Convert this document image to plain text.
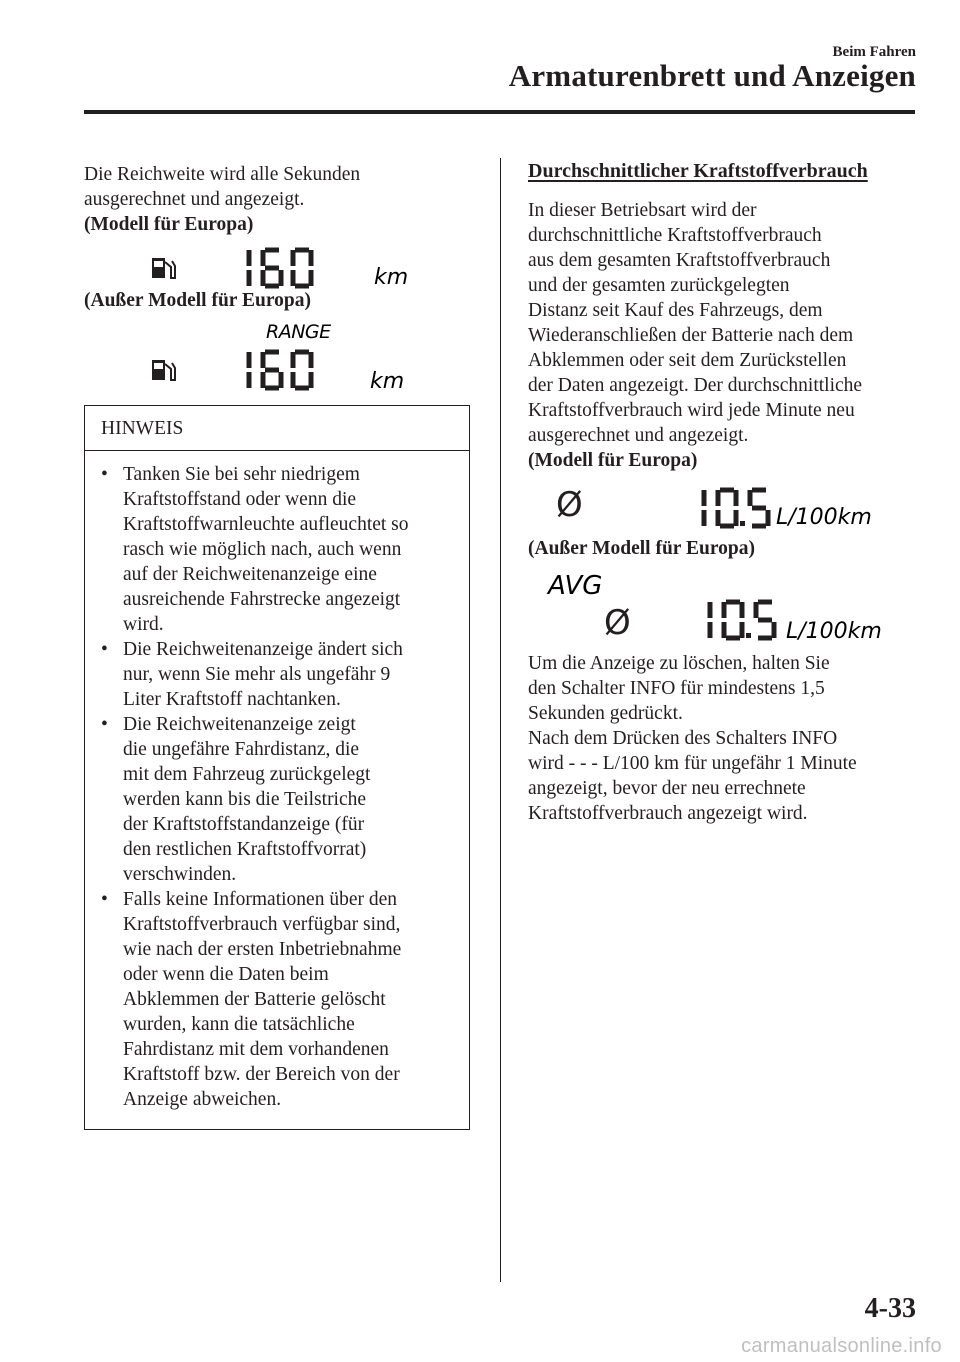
Beim Fahren
Armaturenbrett und Anzeigen
Die Reichweite wird alle Sekunden
ausgerechnet und angezeigt.
(Modell für Europa)
km
(Außer Modell für Europa)
RANGE
km
HINWEIS
• Tanken Sie bei sehr niedrigem
Kraftstoffstand oder wenn die
Kraftstoffwarnleuchte aufleuchtet so
rasch wie möglich nach, auch wenn
auf der Reichweitenanzeige eine
ausreichende Fahrstrecke angezeigt
wird.
• Die Reichweitenanzeige ändert sich
nur, wenn Sie mehr als ungefähr 9
Liter Kraftstoff nachtanken.
• Die Reichweitenanzeige zeigt
die ungefähre Fahrdistanz, die
mit dem Fahrzeug zurückgelegt
werden kann bis die Teilstriche
der Kraftstoffstandanzeige (für
den restlichen Kraftstoffvorrat)
verschwinden.
• Falls keine Informationen über den
Kraftstoffverbrauch verfügbar sind,
wie nach der ersten Inbetriebnahme
oder wenn die Daten beim
Abklemmen der Batterie gelöscht
wurden, kann die tatsächliche
Fahrdistanz mit dem vorhandenen
Kraftstoff bzw. der Bereich von der
Anzeige abweichen.
Durchschnittlicher Kraftstoffverbrauch
In dieser Betriebsart wird der
durchschnittliche Kraftstoffverbrauch
aus dem gesamten Kraftstoffverbrauch
und der gesamten zurückgelegten
Distanz seit Kauf des Fahrzeugs, dem
Wiederanschließen der Batterie nach dem
Abklemmen oder seit dem Zurückstellen
der Daten angezeigt. Der durchschnittliche
Kraftstoffverbrauch wird jede Minute neu
ausgerechnet und angezeigt.
(Modell für Europa)
Ø	L/100km
(Außer Modell für Europa)
AVG
Ø	L/100km
Um die Anzeige zu löschen, halten Sie
den Schalter INFO für mindestens 1,5
Sekunden gedrückt.
Nach dem Drücken des Schalters INFO
wird - - - L/100 km für ungefähr 1 Minute
angezeigt, bevor der neu errechnete
Kraftstoffverbrauch angezeigt wird.
4-33
carmanualsonline.info
